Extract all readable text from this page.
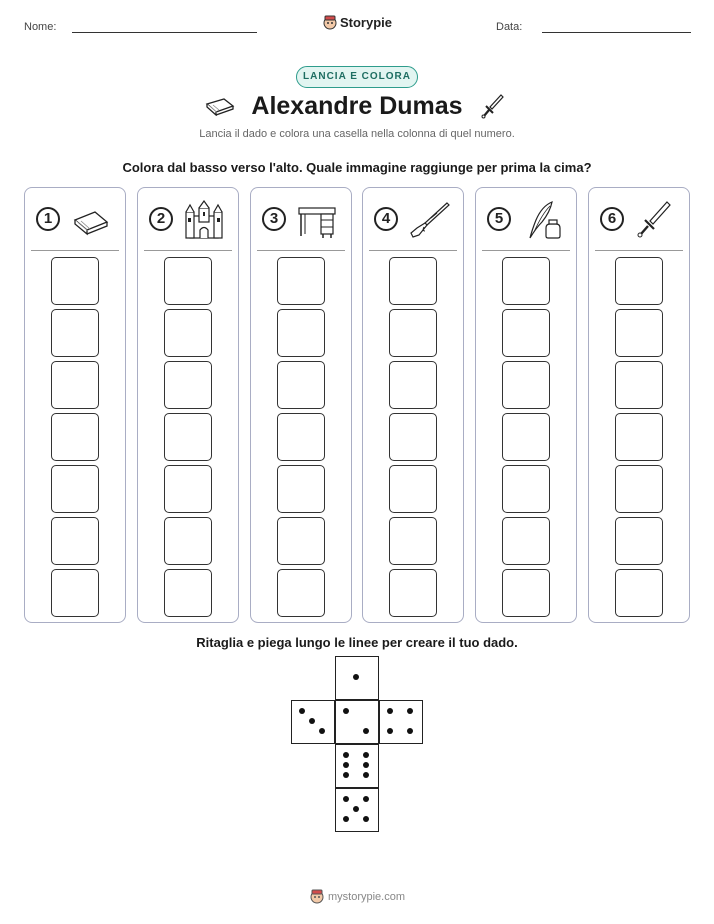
Nome:	Storypie	Data:
LANCIA E COLORA
Alexandre Dumas
Lancia il dado e colora una casella nella colonna di quel numero.
Colora dal basso verso l'alto. Quale immagine raggiunge per prima la cima?
1	2	3	4	5	6
Ritaglia e piega lungo le linee per creare il tuo dado.
mystorypie.com
